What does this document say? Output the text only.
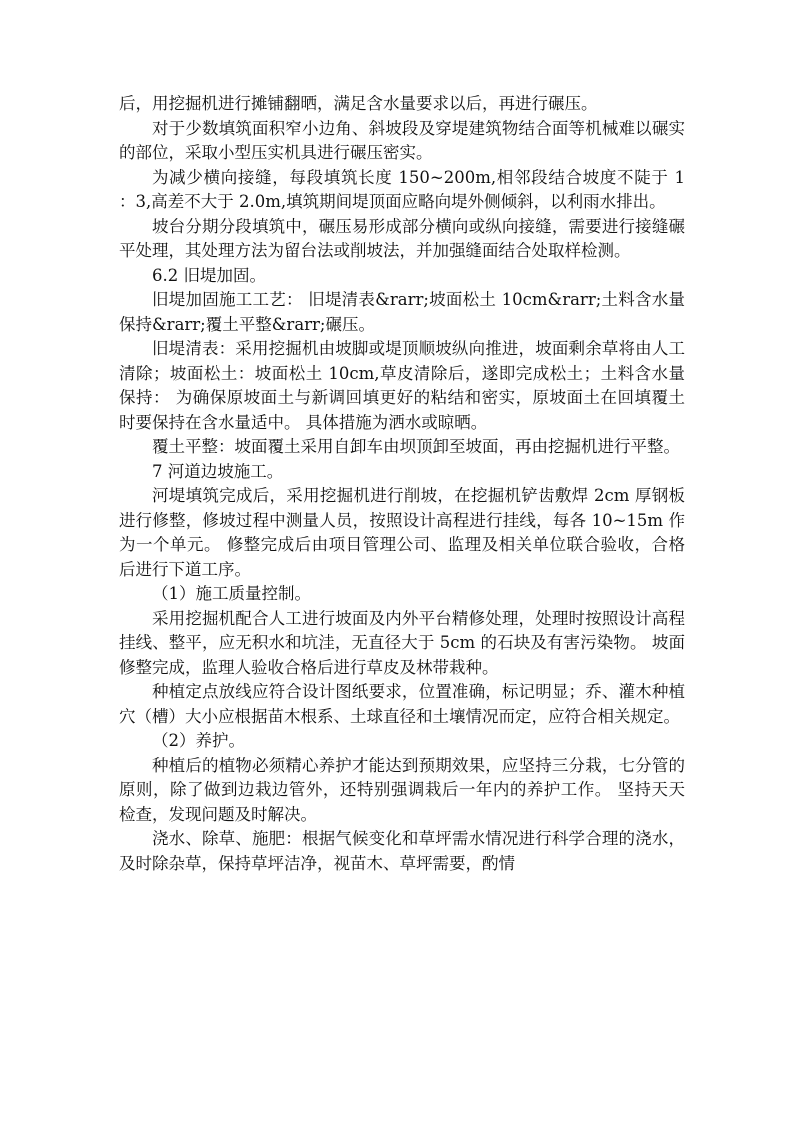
后，用挖掘机进行摊铺翻晒，满足含水量要求以后，再进行碾压。

对于少数填筑面积窄小边角、斜坡段及穿堤建筑物结合面等机械难以碾实的部位，采取小型压实机具进行碾压密实。

为减少横向接缝，每段填筑长度 150~200m,相邻段结合坡度不陡于 1 ：3,高差不大于 2.0m,填筑期间堤顶面应略向堤外侧倾斜，以利雨水排出。

坡台分期分段填筑中，碾压易形成部分横向或纵向接缝，需要进行接缝碾平处理，其处理方法为留台法或削坡法，并加强缝面结合处取样检测。

6.2 旧堤加固。

旧堤加固施工工艺： 旧堤清表&rarr;坡面松土 10cm&rarr;土料含水量保持&rarr;覆土平整&rarr;碾压。

旧堤清表：采用挖掘机由坡脚或堤顶顺坡纵向推进，坡面剩余草将由人工清除；坡面松土：坡面松土 10cm,草皮清除后，遂即完成松土；土料含水量保持： 为确保原坡面土与新调回填更好的粘结和密实，原坡面土在回填覆土时要保持在含水量适中。 具体措施为洒水或晾晒。

覆土平整：坡面覆土采用自卸车由坝顶卸至坡面，再由挖掘机进行平整。

7 河道边坡施工。

河堤填筑完成后，采用挖掘机进行削坡，在挖掘机铲齿敷焊 2cm 厚钢板进行修整，修坡过程中测量人员，按照设计高程进行挂线，每各 10~15m 作为一个单元。 修整完成后由项目管理公司、监理及相关单位联合验收，合格后进行下道工序。

（1）施工质量控制。

采用挖掘机配合人工进行坡面及内外平台精修处理，处理时按照设计高程挂线、整平，应无积水和坑洼，无直径大于 5cm 的石块及有害污染物。 坡面修整完成，监理人验收合格后进行草皮及林带栽种。

种植定点放线应符合设计图纸要求，位置准确，标记明显；乔、灌木种植穴（槽）大小应根据苗木根系、土球直径和土壤情况而定，应符合相关规定。

（2）养护。

种植后的植物必须精心养护才能达到预期效果，应坚持三分栽，七分管的原则，除了做到边栽边管外，还特别强调栽后一年内的养护工作。 坚持天天检查，发现问题及时解决。

浇水、除草、施肥：根据气候变化和草坪需水情况进行科学合理的浇水，及时除杂草，保持草坪洁净，视苗木、草坪需要，酌情
